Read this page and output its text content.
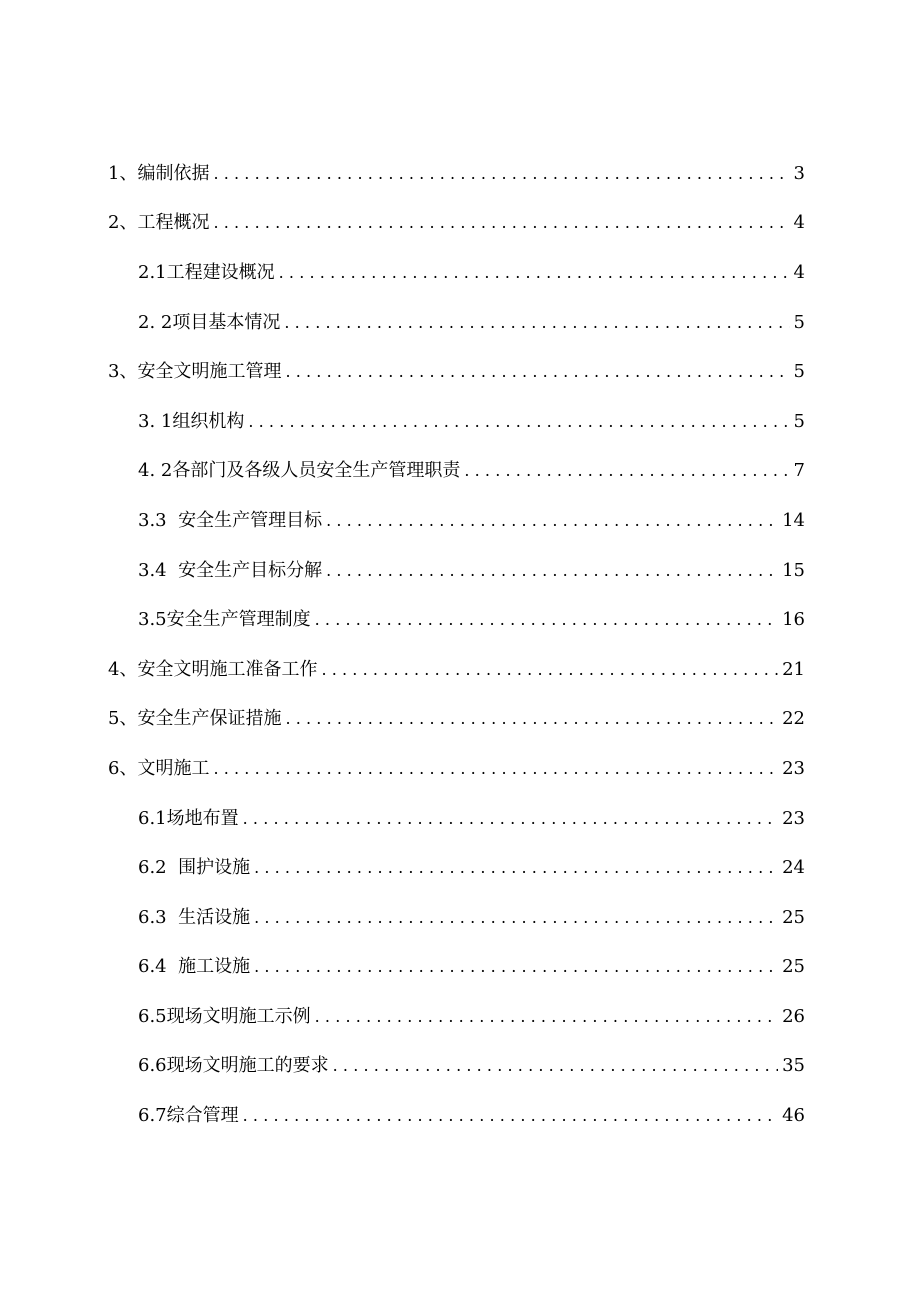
1、编制依据 .....	3
2、工程概况 .....	4
2.1工程建设概况 .....	4
2. 2项目基本情况 .....	5
3、安全文明施工管理 .....	5
3. 1组织机构 .....	5
4. 2各部门及各级人员安全生产管理职责 .....	7
3.3  安全生产管理目标 .....	14
3.4  安全生产目标分解 .....	15
3.5安全生产管理制度 .....	16
4、安全文明施工准备工作 .....	21
5、安全生产保证措施 .....	22
6、文明施工 .....	23
6.1场地布置 .....	23
6.2  围护设施 .....	24
6.3  生活设施 .....	25
6.4  施工设施 .....	25
6.5现场文明施工示例 .....	26
6.6现场文明施工的要求 .....	35
6.7综合管理 .....	46
